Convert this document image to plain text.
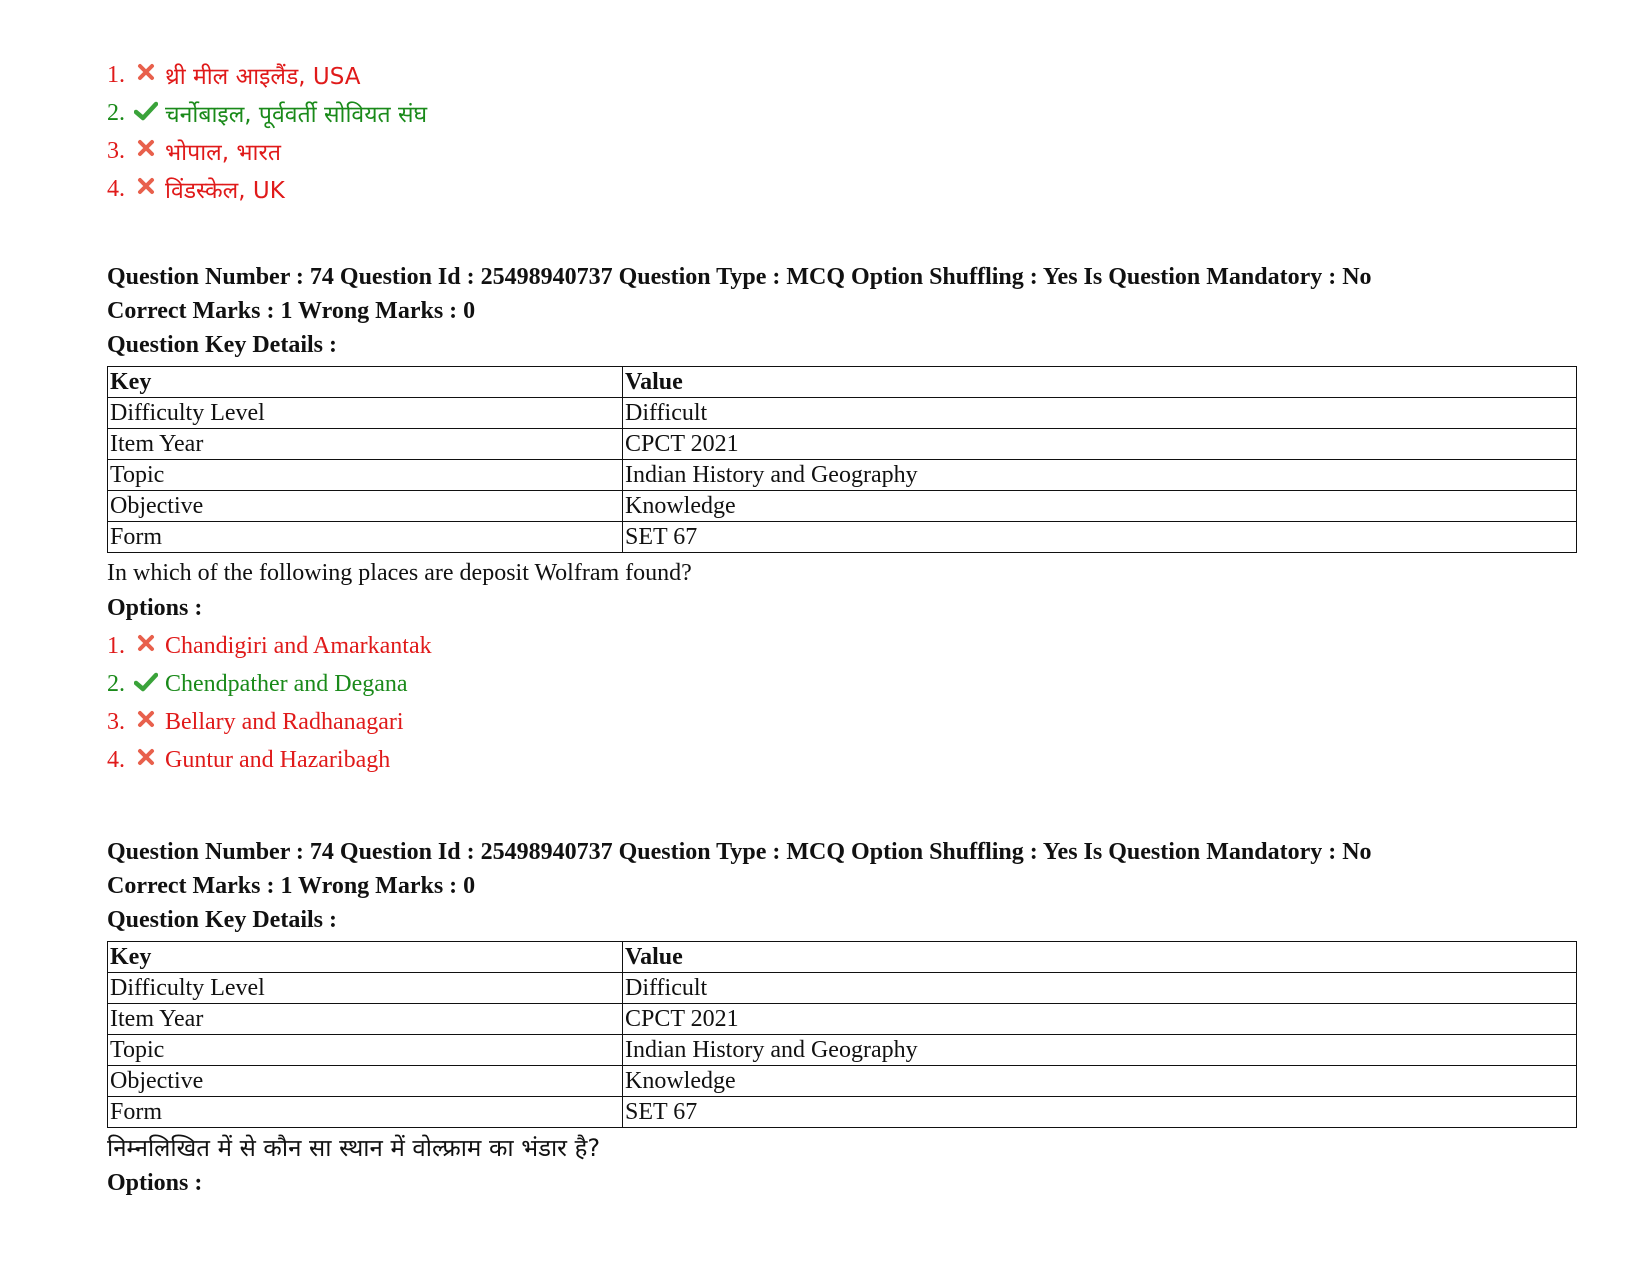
1. थ्री मील आइलैंड, USA
2. चर्नोबाइल, पूर्ववर्ती सोवियत संघ
3. भोपाल, भारत
4. विंडस्केल, UK
Question Number : 74 Question Id : 25498940737 Question Type : MCQ Option Shuffling : Yes Is Question Mandatory : No
Correct Marks : 1 Wrong Marks : 0
Question Key Details :
Key	Value
Difficulty Level	Difficult
Item Year	CPCT 2021
Topic	Indian History and Geography
Objective	Knowledge
Form	SET 67
In which of the following places are deposit Wolfram found?
Options :
1. Chandigiri and Amarkantak
2. Chendpather and Degana
3. Bellary and Radhanagari
4. Guntur and Hazaribagh
Question Number : 74 Question Id : 25498940737 Question Type : MCQ Option Shuffling : Yes Is Question Mandatory : No
Correct Marks : 1 Wrong Marks : 0
Question Key Details :
Key	Value
Difficulty Level	Difficult
Item Year	CPCT 2021
Topic	Indian History and Geography
Objective	Knowledge
Form	SET 67
निम्नलिखित में से कौन सा स्थान में वोल्फ्राम का भंडार है?
Options :
